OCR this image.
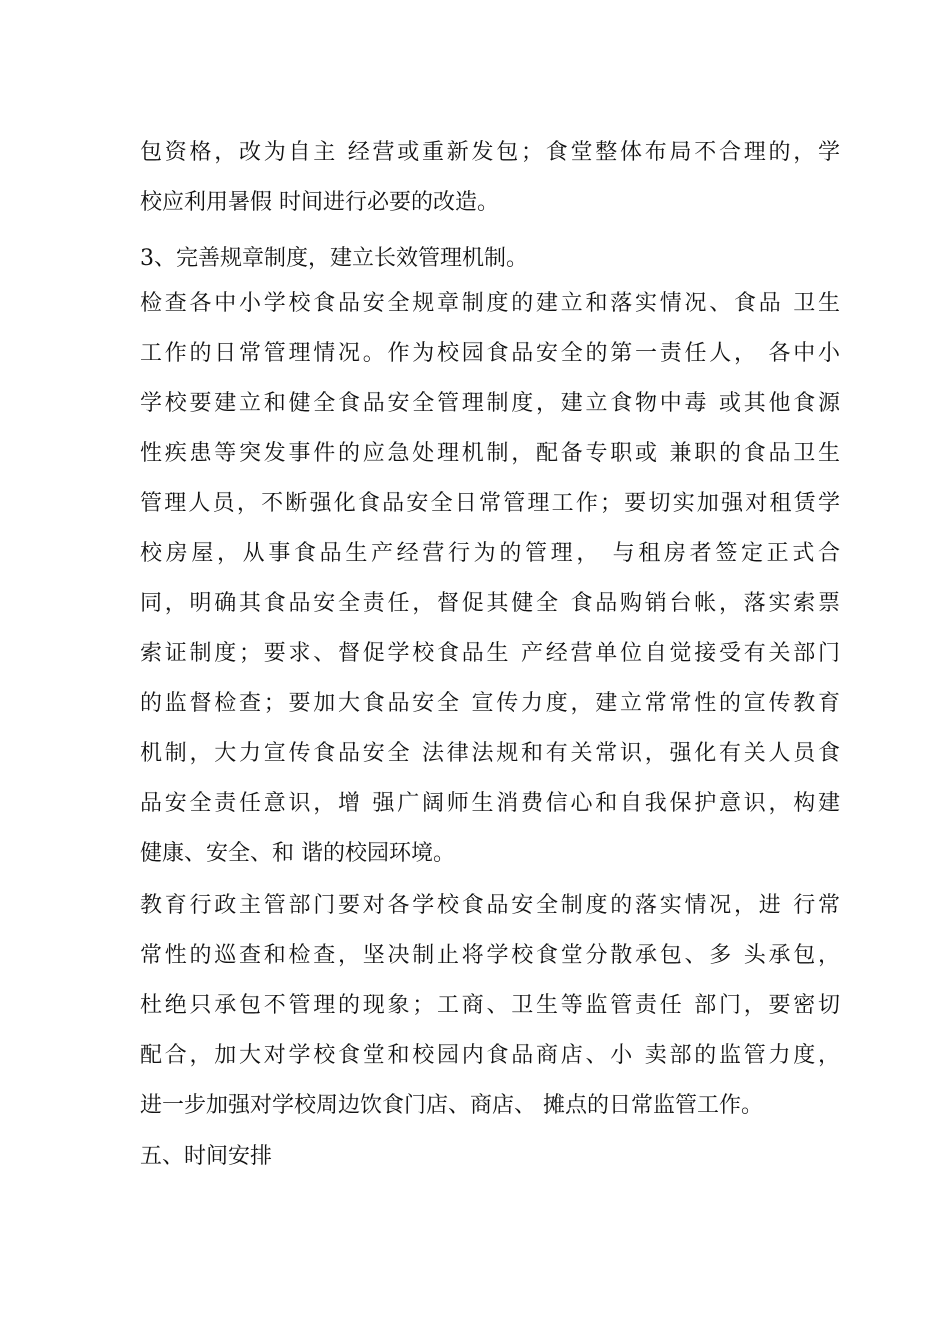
包资格，改为自主 经营或重新发包；食堂整体布局不合理的，学
校应利用暑假 时间进行必要的改造。
3、完善规章制度，建立长效管理机制。
检查各中小学校食品安全规章制度的建立和落实情况、食品 卫生
工作的日常管理情况。作为校园食品安全的第一责任人， 各中小
学校要建立和健全食品安全管理制度，建立食物中毒 或其他食源
性疾患等突发事件的应急处理机制，配备专职或 兼职的食品卫生
管理人员，不断强化食品安全日常管理工作；要切实加强对租赁学
校房屋，从事食品生产经营行为的管理， 与租房者签定正式合
同，明确其食品安全责任，督促其健全 食品购销台帐，落实索票
索证制度；要求、督促学校食品生 产经营单位自觉接受有关部门
的监督检查；要加大食品安全 宣传力度，建立常常性的宣传教育
机制，大力宣传食品安全 法律法规和有关常识，强化有关人员食
品安全责任意识，增 强广阔师生消费信心和自我保护意识，构建
健康、安全、和 谐的校园环境。
教育行政主管部门要对各学校食品安全制度的落实情况，进 行常
常性的巡查和检查，坚决制止将学校食堂分散承包、多 头承包，
杜绝只承包不管理的现象；工商、卫生等监管责任 部门，要密切
配合，加大对学校食堂和校园内食品商店、小 卖部的监管力度，
进一步加强对学校周边饮食门店、商店、 摊点的日常监管工作。
五、时间安排
